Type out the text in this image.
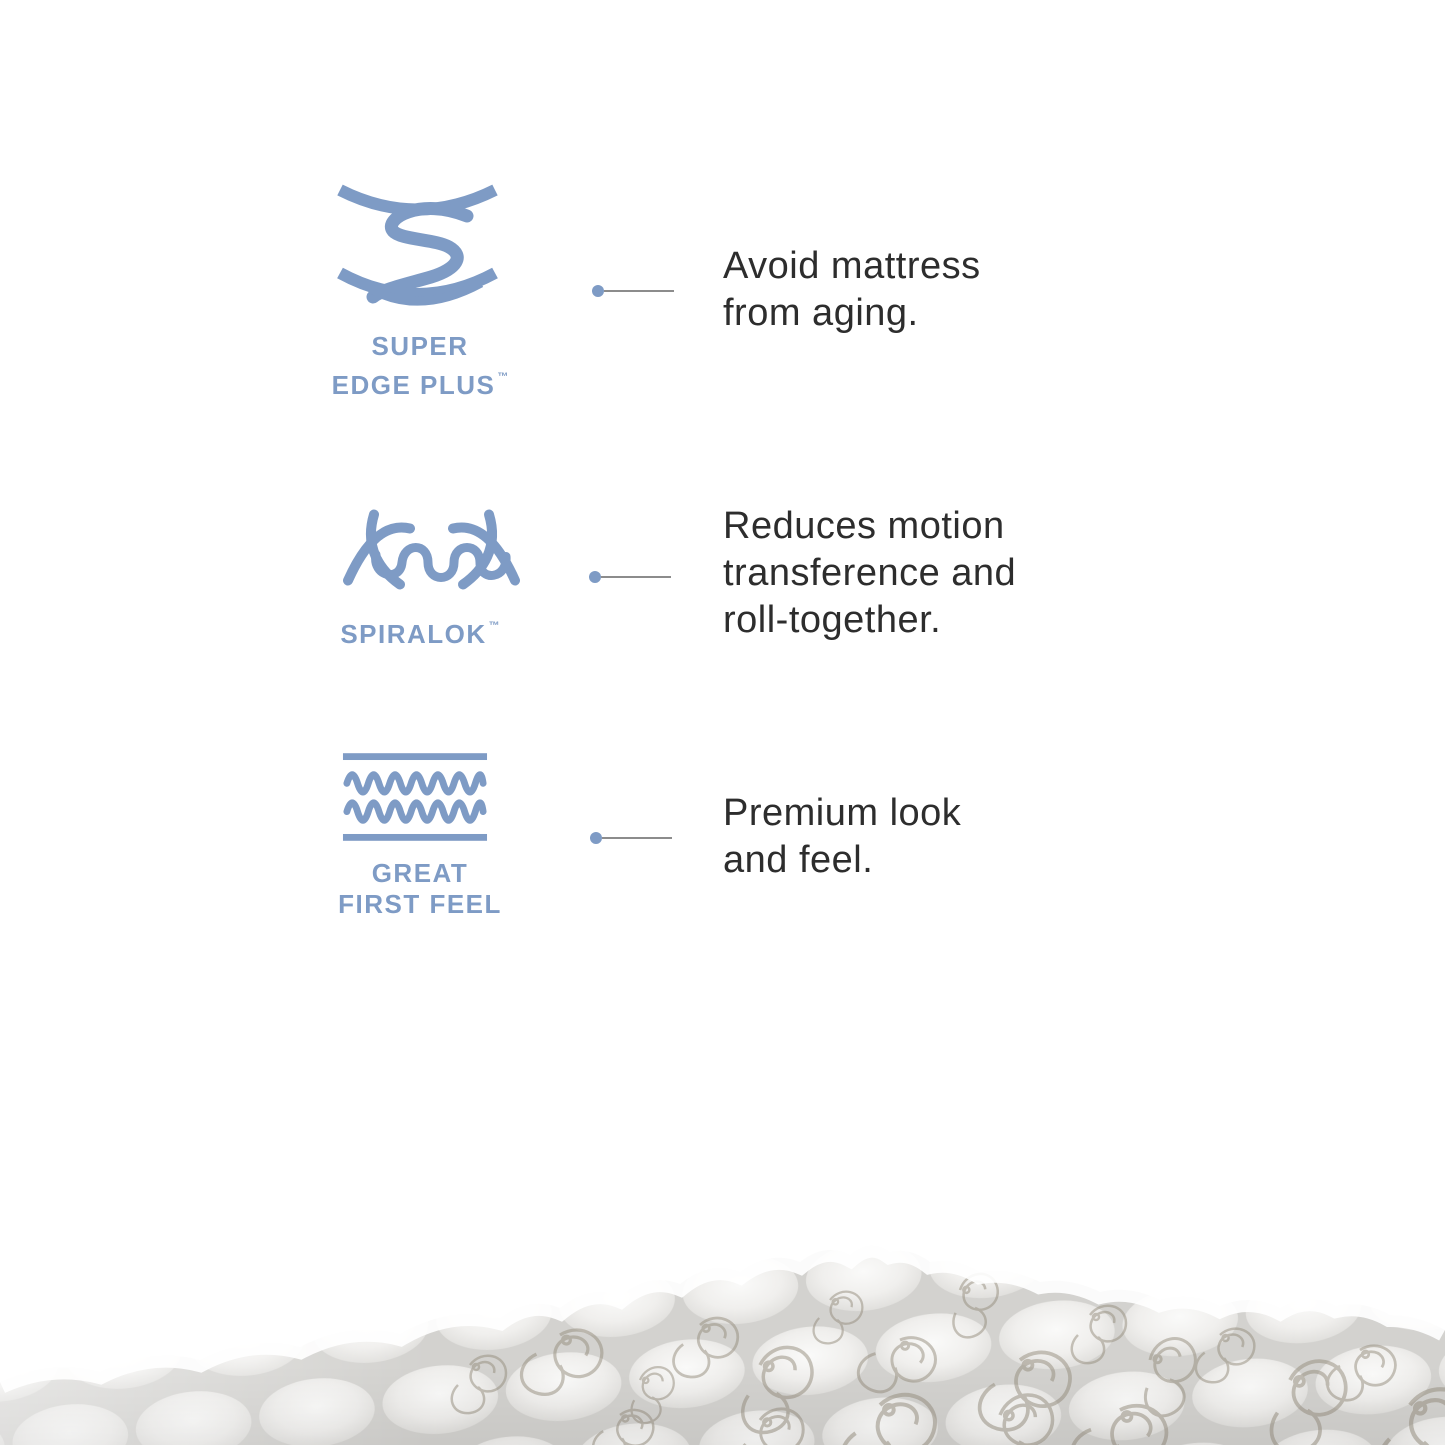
SUPER
EDGE PLUS ™
Avoid mattress
from aging.
SPIRALOK ™
Reduces motion
transference and
roll-together.
GREAT
FIRST FEEL
Premium look
and feel.
